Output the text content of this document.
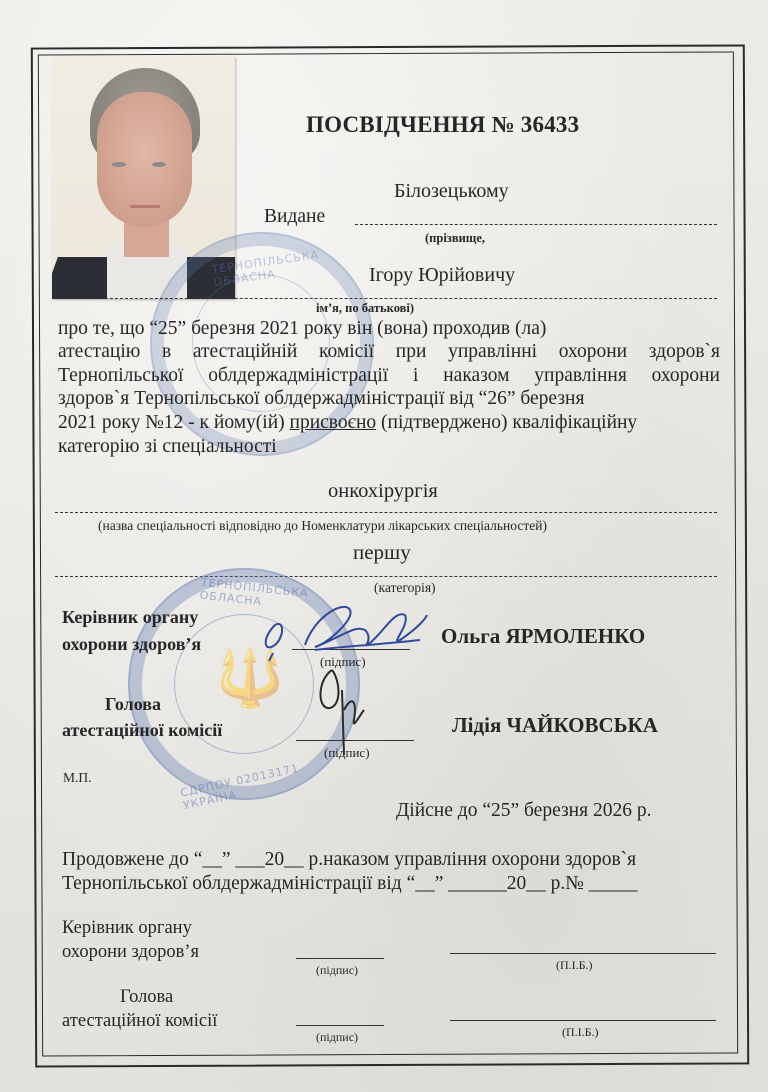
ТЕРНОПІЛЬСЬКА ОБЛАСНА
ПОСВІДЧЕННЯ № 36433
Білозецькому
Видане
(прізвище,
Ігору Юрійовичу
ім’я, по батькові)
про те, що “25” березня 2021 року він (вона) проходив (ла)
атестацію в атестаційній комісії при управлінні охорони здоров`я
Тернопільської облдержадміністрації і наказом управління охорони
здоров`я Тернопільської облдержадміністрації від “26” березня
2021 року №12 - к йому(ій) присвоєно (підтверджено) кваліфікаційну
категорію зі спеціальності
онкохірургія
(назва спеціальності відповідно до Номенклатури лікарських спеціальностей)
першу
(категорія)
🔱
ТЕРНОПІЛЬСЬКА ОБЛАСНА
СДРПОУ 02013171 УКРАЇНА
Керівник органу
охорони здоров’я
(підпис)
Ольга ЯРМОЛЕНКО
Голова
атестаційної комісії
(підпис)
Лідія ЧАЙКОВСЬКА
М.П.
Дійсне до “25” березня 2026 р.
Продовжене до “__” ___20__ р.наказом управління охорони здоров`я
Тернопільської облдержадміністрації від “__” ______20__ р.№ _____
Керівник органу
охорони здоров’я
(підпис)	(П.І.Б.)
Голова
атестаційної комісії
(підпис)	(П.І.Б.)
